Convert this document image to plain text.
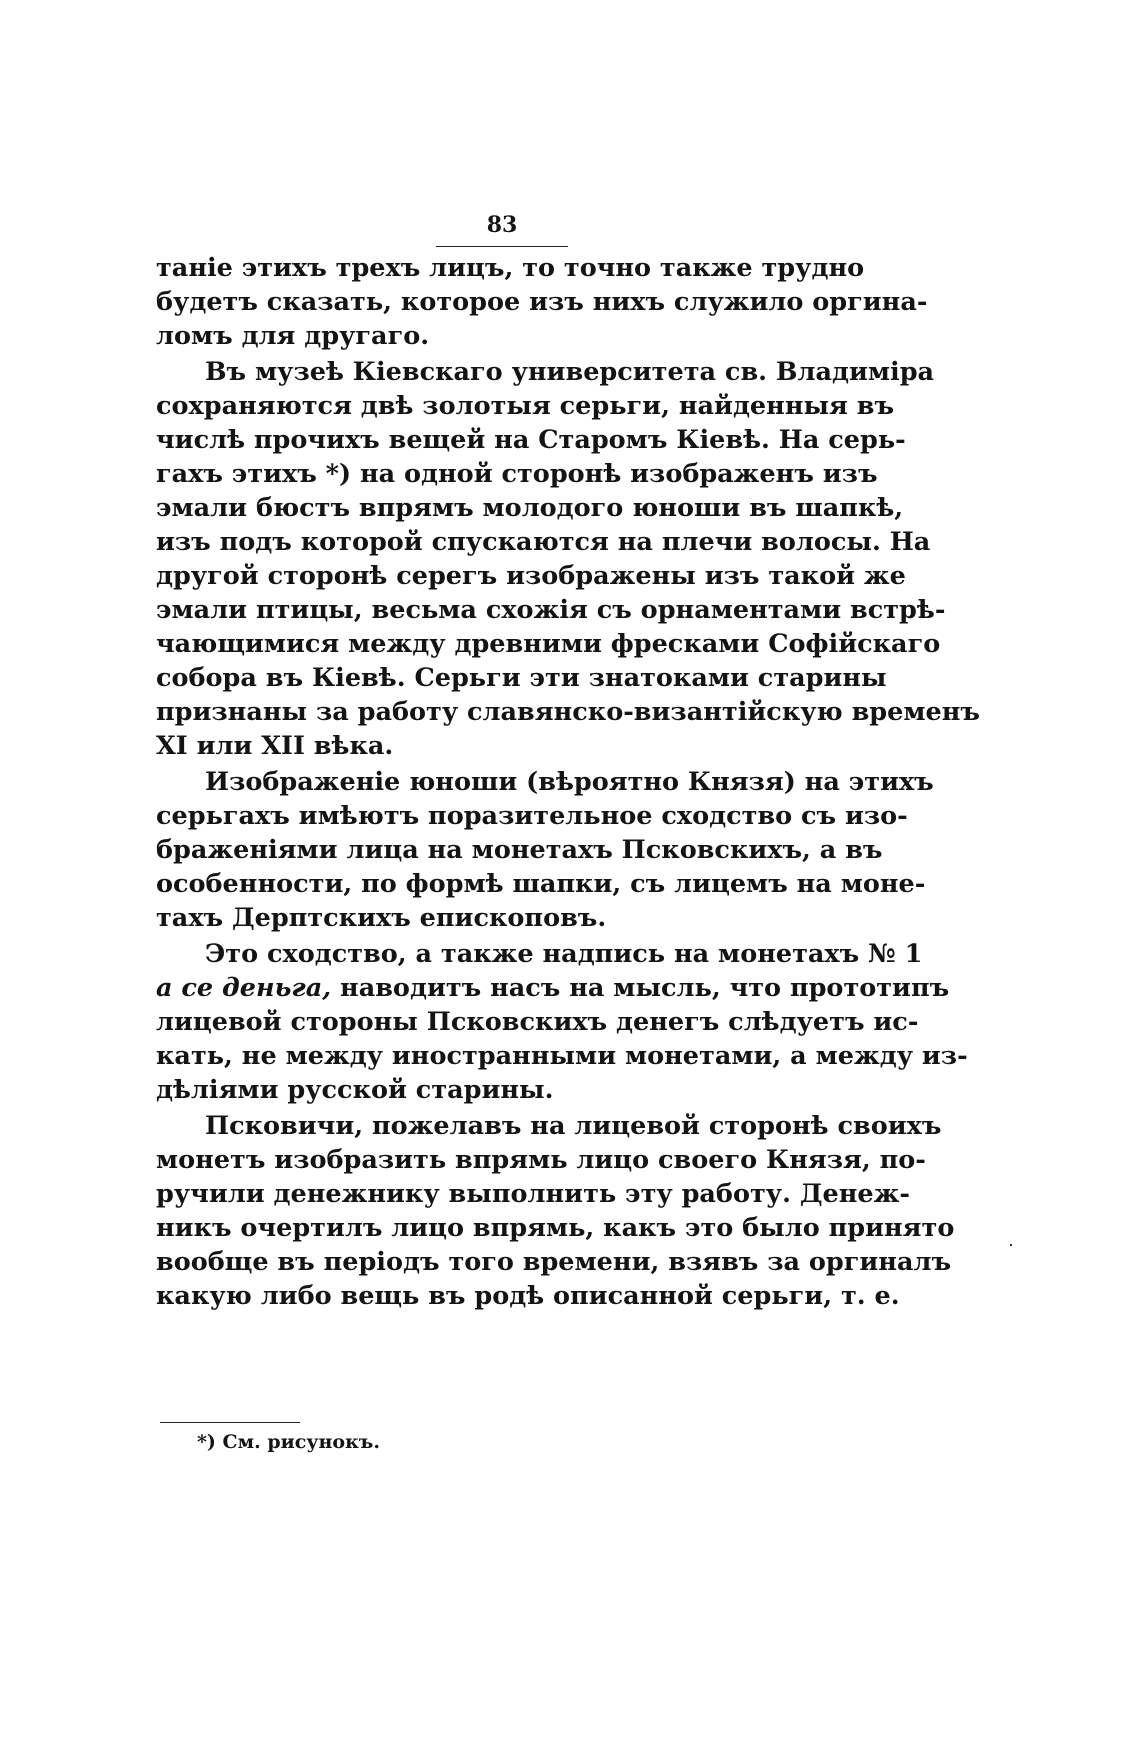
83
таніе этихъ трехъ лицъ, то точно также трудно
будетъ сказать, которое изъ нихъ служило оргина-
ломъ для другаго.
Въ музеѣ Кіевскаго университета св. Владиміра
сохраняются двѣ золотыя серьги, найденныя въ
числѣ прочихъ вещей на Старомъ Кіевѣ. На серь-
гахъ этихъ *) на одной сторонѣ изображенъ изъ
эмали бюстъ впрямъ молодого юноши въ шапкѣ,
изъ подъ которой спускаются на плечи волосы. На
другой сторонѣ серегъ изображены изъ такой же
эмали птицы, весьма схожія съ орнаментами встрѣ-
чающимися между древними фресками Софійскаго
собора въ Кіевѣ. Серьги эти знатоками старины
признаны за работу славянско-византійскую временъ
XI или XII вѣка.
Изображеніе юноши (вѣроятно Князя) на этихъ
серьгахъ имѣютъ поразительное сходство съ изо-
браженіями лица на монетахъ Псковскихъ, а въ
особенности, по формѣ шапки, съ лицемъ на моне-
тахъ Дерптскихъ епископовъ.
Это сходство, а также надпись на монетахъ № 1
а се деньга, наводитъ насъ на мысль, что прототипъ
лицевой стороны Псковскихъ денегъ слѣдуетъ ис-
кать, не между иностранными монетами, а между из-
дѣліями русской старины.
Псковичи, пожелавъ на лицевой сторонѣ своихъ
монетъ изобразить впрямь лицо своего Князя, по-
ручили денежнику выполнить эту работу. Денеж-
никъ очертилъ лицо впрямь, какъ это было принято
вообще въ періодъ того времени, взявъ за оргиналъ
какую либо вещь въ родѣ описанной серьги, т. е.
*) См. рисунокъ.
